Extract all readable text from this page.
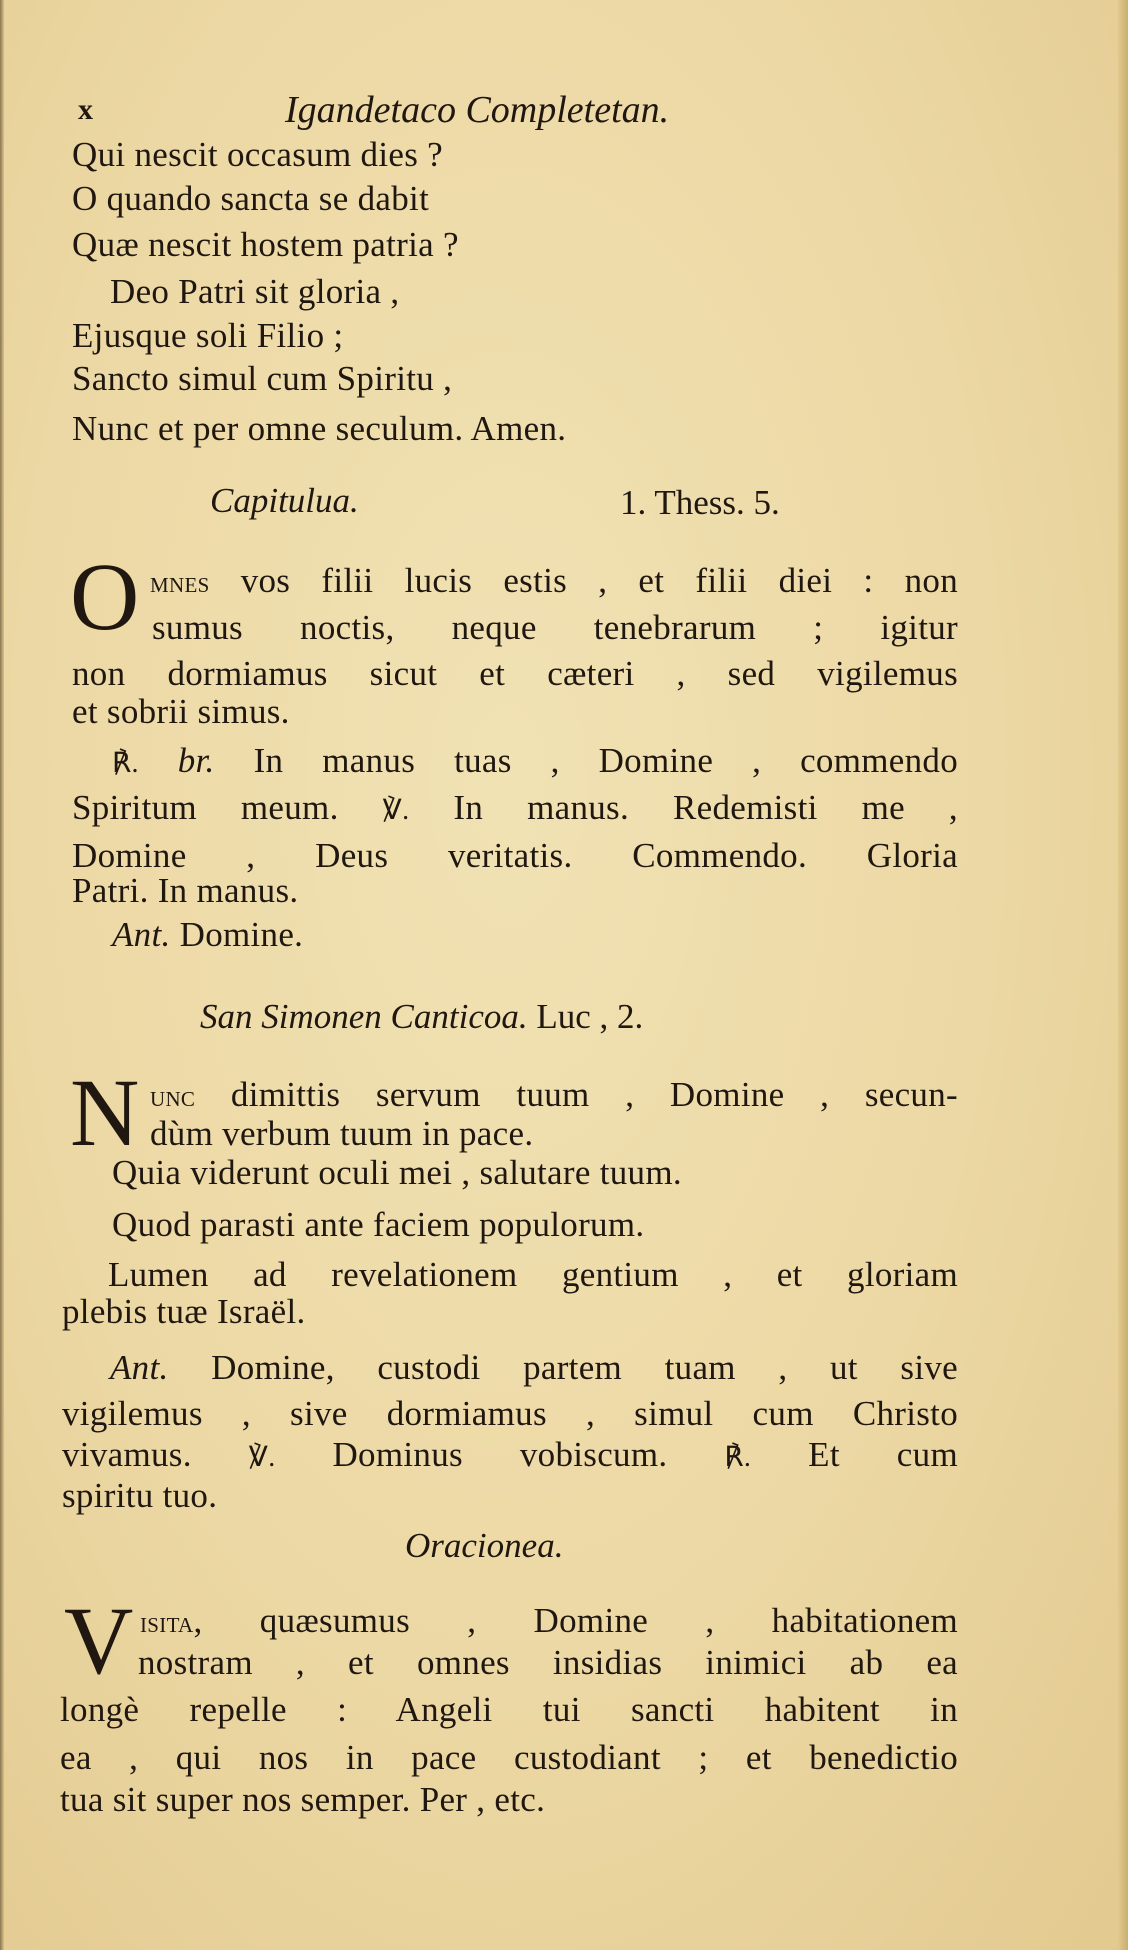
x	Igandetaco Completetan.
Qui nescit occasum dies ?
O quando sancta se dabit
Quæ nescit hostem patria ?
Deo Patri sit gloria ,
Ejusque soli Filio ;
Sancto simul cum Spiritu ,
Nunc et per omne seculum. Amen.
Capitulua.	1. Thess. 5.
O mnes vos filii lucis estis , et filii diei : non
sumus noctis, neque tenebrarum ; igitur
non dormiamus sicut et cæteri , sed vigilemus
et sobrii simus.
℟. br. In manus tuas , Domine , commendo
Spiritum meum. ℣. In manus. Redemisti me ,
Domine , Deus veritatis. Commendo. Gloria
Patri. In manus.
Ant. Domine.
San Simonen Canticoa. Luc , 2.
N unc dimittis servum tuum , Domine , secun-
dùm verbum tuum in pace.
Quia viderunt oculi mei , salutare tuum.
Quod parasti ante faciem populorum.
Lumen ad revelationem gentium , et gloriam
plebis tuæ Israël.
Ant. Domine, custodi partem tuam , ut sive
vigilemus , sive dormiamus , simul cum Christo
vivamus. ℣. Dominus vobiscum. ℟. Et cum
spiritu tuo.
Oracionea.
V isita, quæsumus , Domine , habitationem
nostram , et omnes insidias inimici ab ea
longè repelle : Angeli tui sancti habitent in
ea , qui nos in pace custodiant ; et benedictio
tua sit super nos semper. Per , etc.
